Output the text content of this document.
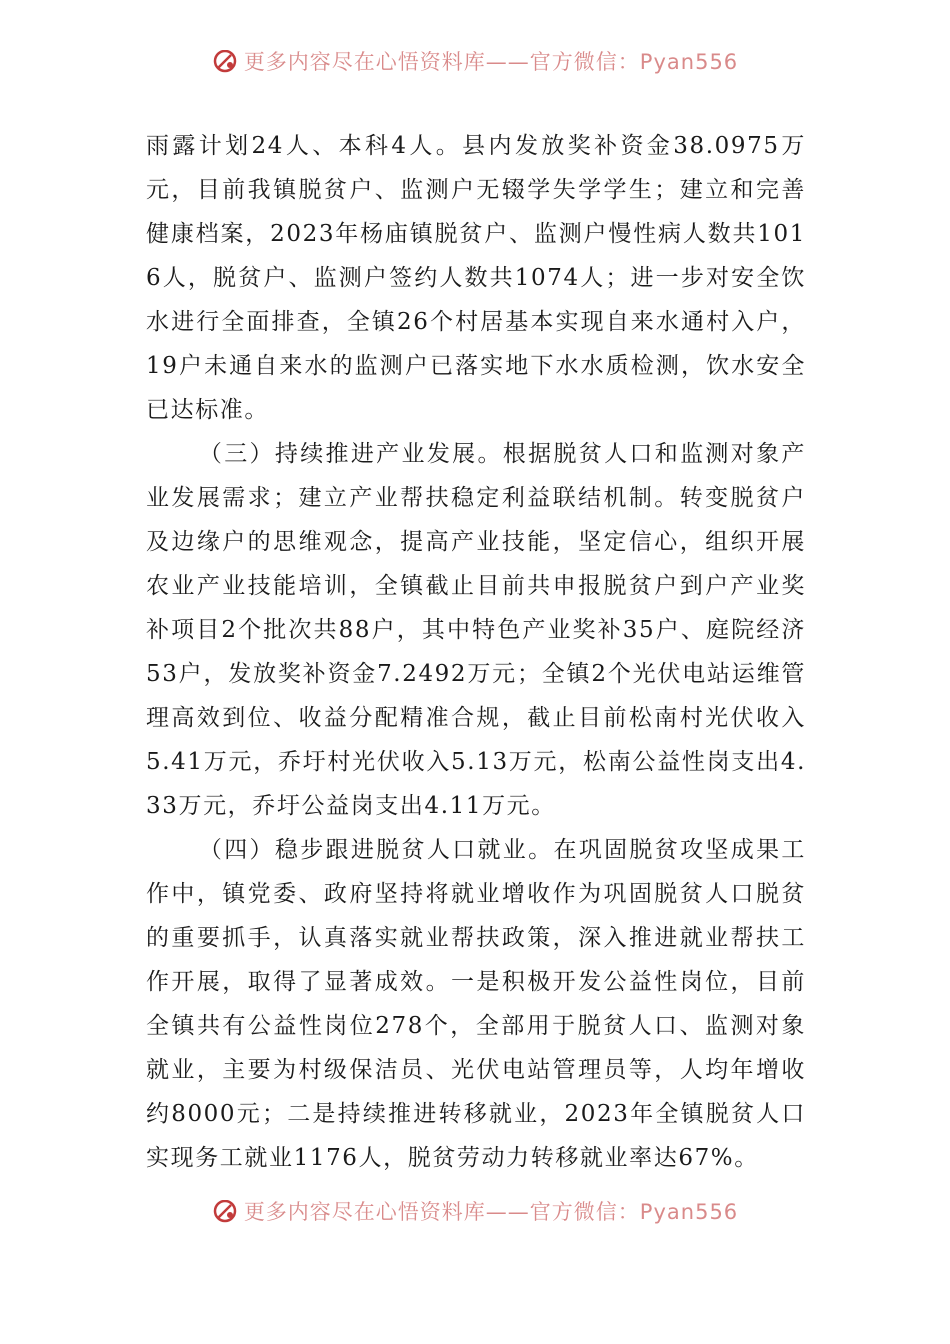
更多内容尽在心悟资料库——官方微信：Pyan556

雨露计划24人、本科4人。县内发放奖补资金38.0975万元，目前我镇脱贫户、监测户无辍学失学学生；建立和完善健康档案，2023年杨庙镇脱贫户、监测户慢性病人数共1016人，脱贫户、监测户签约人数共1074人；进一步对安全饮水进行全面排查，全镇26个村居基本实现自来水通村入户，19户未通自来水的监测户已落实地下水水质检测，饮水安全已达标准。

（三）持续推进产业发展。根据脱贫人口和监测对象产业发展需求；建立产业帮扶稳定利益联结机制。转变脱贫户及边缘户的思维观念，提高产业技能，坚定信心，组织开展农业产业技能培训，全镇截止目前共申报脱贫户到户产业奖补项目2个批次共88户，其中特色产业奖补35户、庭院经济53户，发放奖补资金7.2492万元；全镇2个光伏电站运维管理高效到位、收益分配精准合规，截止目前松南村光伏收入5.41万元，乔圩村光伏收入5.13万元，松南公益性岗支出4.33万元，乔圩公益岗支出4.11万元。

（四）稳步跟进脱贫人口就业。在巩固脱贫攻坚成果工作中，镇党委、政府坚持将就业增收作为巩固脱贫人口脱贫的重要抓手，认真落实就业帮扶政策，深入推进就业帮扶工作开展，取得了显著成效。一是积极开发公益性岗位，目前全镇共有公益性岗位278个，全部用于脱贫人口、监测对象就业，主要为村级保洁员、光伏电站管理员等，人均年增收约8000元；二是持续推进转移就业，2023年全镇脱贫人口实现务工就业1176人，脱贫劳动力转移就业率达67%。

更多内容尽在心悟资料库——官方微信：Pyan556
